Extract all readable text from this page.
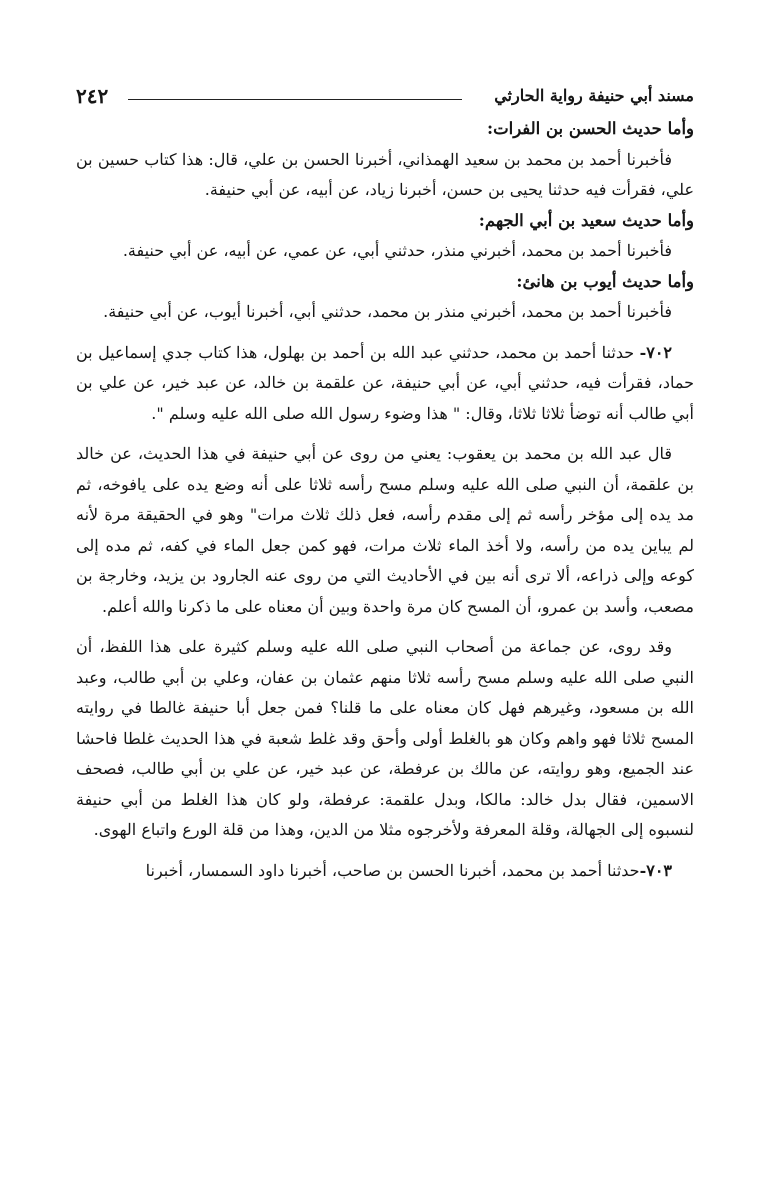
مسند أبي حنيفة رواية الحارثي
٢٤٢

وأما حديث الحسن بن الفرات:

فأخبرنا أحمد بن محمد بن سعيد الهمذاني، أخبرنا الحسن بن علي، قال: هذا كتاب حسين بن علي، فقرأت فيه حدثنا يحيى بن حسن، أخبرنا زياد، عن أبيه، عن أبي حنيفة.

وأما حديث سعيد بن أبي الجهم:

فأخبرنا أحمد بن محمد، أخبرني منذر، حدثني أبي، عن عمي، عن أبيه، عن أبي حنيفة.

وأما حديث أيوب بن هانئ:

فأخبرنا أحمد بن محمد، أخبرني منذر بن محمد، حدثني أبي، أخبرنا أيوب، عن أبي حنيفة.

٧٠٢- حدثنا أحمد بن محمد، حدثني عبد الله بن أحمد بن بهلول، هذا كتاب جدي إسماعيل بن حماد، فقرأت فيه، حدثني أبي، عن أبي حنيفة، عن علقمة بن خالد، عن عبد خير، عن علي بن أبي طالب أنه توضأ ثلاثا ثلاثا، وقال: " هذا وضوء رسول الله صلى الله عليه وسلم ".

قال عبد الله بن محمد بن يعقوب: يعني من روى عن أبي حنيفة في هذا الحديث، عن خالد بن علقمة، أن النبي صلى الله عليه وسلم مسح رأسه ثلاثا على أنه وضع يده على يافوخه، ثم مد يده إلى مؤخر رأسه ثم إلى مقدم رأسه، فعل ذلك ثلاث مرات" وهو في الحقيقة مرة لأنه لم يباين يده من رأسه، ولا أخذ الماء ثلاث مرات، فهو كمن جعل الماء في كفه، ثم مده إلى كوعه وإلى ذراعه، ألا ترى أنه بين في الأحاديث التي من روى عنه الجارود بن يزيد، وخارجة بن مصعب، وأسد بن عمرو، أن المسح كان مرة واحدة وبين أن معناه على ما ذكرنا والله أعلم.

وقد روى، عن جماعة من أصحاب النبي صلى الله عليه وسلم كثيرة على هذا اللفظ، أن النبي صلى الله عليه وسلم مسح رأسه ثلاثا منهم عثمان بن عفان، وعلي بن أبي طالب، وعبد الله بن مسعود، وغيرهم فهل كان معناه على ما قلنا؟ فمن جعل أبا حنيفة غالطا في روايته المسح ثلاثا فهو واهم وكان هو بالغلط أولى وأحق وقد غلط شعبة في هذا الحديث غلطا فاحشا عند الجميع، وهو روايته، عن مالك بن عرفطة، عن عبد خير، عن علي بن أبي طالب، فصحف الاسمين، فقال بدل خالد: مالكا، وبدل علقمة: عرفطة، ولو كان هذا الغلط من أبي حنيفة لنسبوه إلى الجهالة، وقلة المعرفة ولأخرجوه مثلا من الدين، وهذا من قلة الورع واتباع الهوى.

٧٠٣-حدثنا أحمد بن محمد، أخبرنا الحسن بن صاحب، أخبرنا داود السمسار، أخبرنا
